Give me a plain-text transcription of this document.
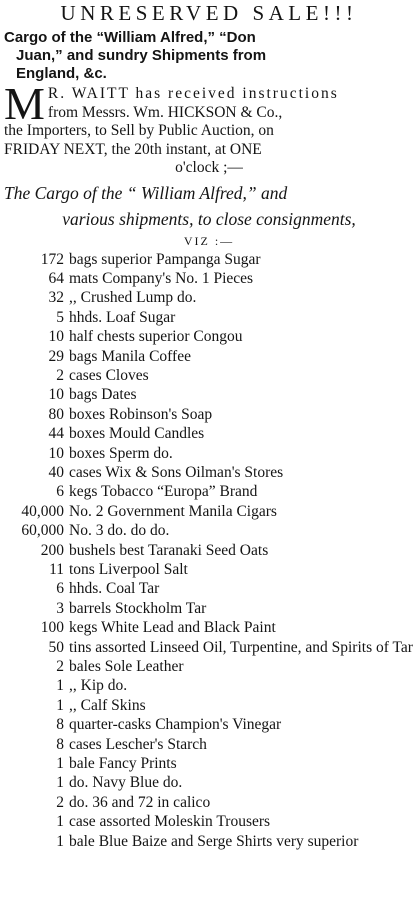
UNRESERVED SALE!!!
Cargo of the “William Alfred,” “Don

Juan,” and sundry Shipments from
England, &c.
M R. WAITT has received instructions
from Messrs. Wm. HICKSON & Co.,
the Importers, to Sell by Public Auction, on
FRIDAY NEXT, the 20th instant, at ONE
o'clock ;—
The Cargo of the “ William Alfred,” and
various shipments, to close consignments,
VIZ :—
172 bags superior Pampanga Sugar
64 mats Company's No. 1 Pieces
32 ,, Crushed Lump do.
5 hhds. Loaf Sugar
10 half chests superior Congou
29 bags Manila Coffee
2 cases Cloves
10 bags Dates
80 boxes Robinson's Soap
44 boxes Mould Candles
10 boxes Sperm do.
40 cases Wix & Sons Oilman's Stores
6 kegs Tobacco “Europa” Brand
40,000 No. 2 Government Manila Cigars
60,000 No. 3 do. do do.
200 bushels best Taranaki Seed Oats
11 tons Liverpool Salt
6 hhds. Coal Tar
3 barrels Stockholm Tar
100 kegs White Lead and Black Paint
50 tins assorted Linseed Oil, Turpentine, and Spirits of Tar
2 bales Sole Leather
1 ,, Kip do.
1 ,, Calf Skins
8 quarter-casks Champion's Vinegar
8 cases Lescher's Starch
1 bale Fancy Prints
1 do. Navy Blue do.
2 do. 36 and 72 in calico
1 case assorted Moleskin Trousers
1 bale Blue Baize and Serge Shirts very superior
